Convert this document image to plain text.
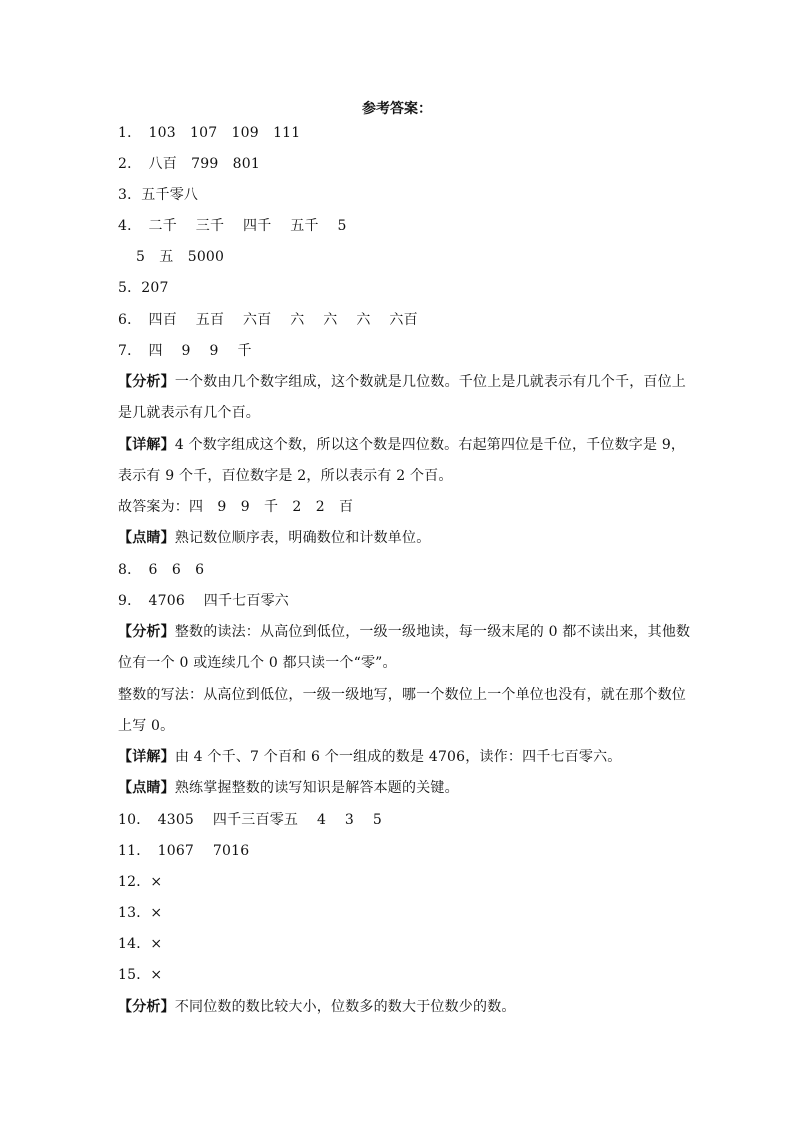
参考答案：
1．　103　107　109　111
2．　八百　799　801
3．五千零八
4．　二千　 三千　 四千　 五千　 5
5　五　5000
5．207
6．　四百　 五百　 六百　 六　 六　 六　 六百
7．　四　 9　 9　 千
【分析】一个数由几个数字组成，这个数就是几位数。千位上是几就表示有几个千，百位上
是几就表示有几个百。
【详解】4 个数字组成这个数，所以这个数是四位数。右起第四位是千位，千位数字是 9，
表示有 9 个千，百位数字是 2，所以表示有 2 个百。
故答案为：四　9　9　千　2　2　百
【点睛】熟记数位顺序表，明确数位和计数单位。
8．　6　6　6
9．　4706　 四千七百零六
【分析】整数的读法：从高位到低位，一级一级地读，每一级末尾的 0 都不读出来，其他数
位有一个 0 或连续几个 0 都只读一个“零”。
整数的写法：从高位到低位，一级一级地写，哪一个数位上一个单位也没有，就在那个数位
上写 0。
【详解】由 4 个千、7 个百和 6 个一组成的数是 4706，读作：四千七百零六。
【点睛】熟练掌握整数的读写知识是解答本题的关键。
10．　4305　 四千三百零五　 4　 3　 5
11．　1067　 7016
12．×
13．×
14．×
15．×
【分析】不同位数的数比较大小，位数多的数大于位数少的数。
